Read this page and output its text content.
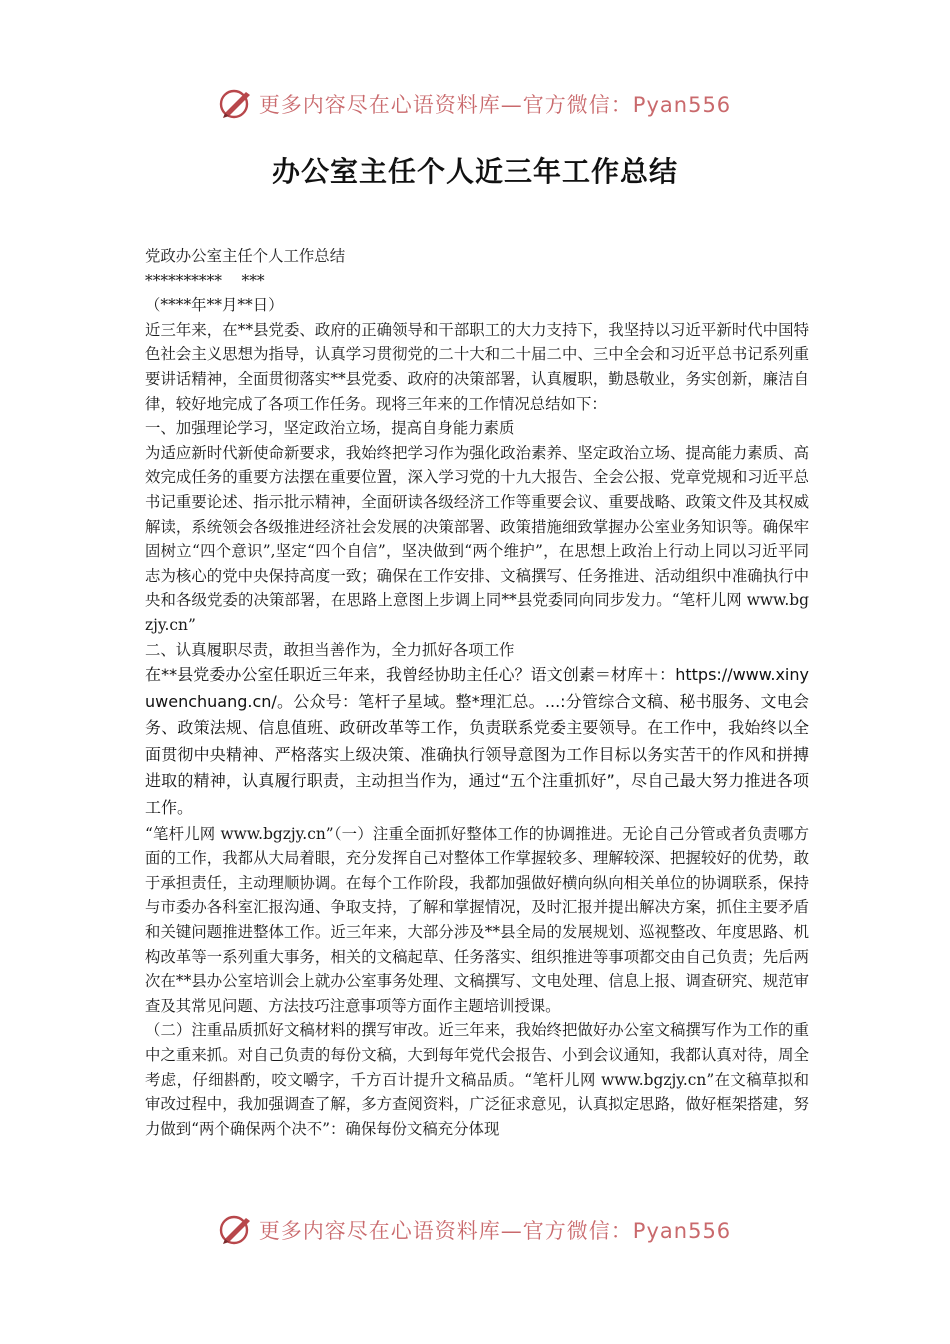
更多内容尽在心语资料库—官方微信：Pyan556
办公室主任个人近三年工作总结

党政办公室主任个人工作总结

**********    ***

（****年**月**日）

近三年来，在**县党委、政府的正确领导和干部职工的大力支持下，我坚持以习近平新时代中国特色社会主义思想为指导，认真学习贯彻党的二十大和二十届二中、三中全会和习近平总书记系列重要讲话精神，全面贯彻落实**县党委、政府的决策部署，认真履职，勤恳敬业，务实创新，廉洁自律，较好地完成了各项工作任务。现将三年来的工作情况总结如下：

一、加强理论学习，坚定政治立场，提高自身能力素质

为适应新时代新使命新要求，我始终把学习作为强化政治素养、坚定政治立场、提高能力素质、高效完成任务的重要方法摆在重要位置，深入学习党的十九大报告、全会公报、党章党规和习近平总书记重要论述、指示批示精神，全面研读各级经济工作等重要会议、重要战略、政策文件及其权威解读，系统领会各级推进经济社会发展的决策部署、政策措施细致掌握办公室业务知识等。确保牢固树立“四个意识”,坚定“四个自信”，坚决做到“两个维护”，在思想上政治上行动上同以习近平同志为核心的党中央保持高度一致；确保在工作安排、文稿撰写、任务推进、活动组织中准确执行中央和各级党委的决策部署，在思路上意图上步调上同**县党委同向同步发力。“笔杆儿网 www.bgzjy.cn”

二、认真履职尽责，敢担当善作为，全力抓好各项工作

在**县党委办公室任职近三年来，我曾经协助主任心？语文创素＝材库＋：https://www.xinyuwenchuang.cn/。公众号：笔杆子星域。整*理汇总。...:分管综合文稿、秘书服务、文电会务、政策法规、信息值班、政研改革等工作，负责联系党委主要领导。在工作中，我始终以全面贯彻中央精神、严格落实上级决策、准确执行领导意图为工作目标以务实苦干的作风和拼搏进取的精神，认真履行职责，主动担当作为，通过“五个注重抓好”，尽自己最大努力推进各项工作。

“笔杆儿网 www.bgzjy.cn”（一）注重全面抓好整体工作的协调推进。无论自己分管或者负责哪方面的工作，我都从大局着眼，充分发挥自己对整体工作掌握较多、理解较深、把握较好的优势，敢于承担责任，主动理顺协调。在每个工作阶段，我都加强做好横向纵向相关单位的协调联系，保持与市委办各科室汇报沟通、争取支持，了解和掌握情况，及时汇报并提出解决方案，抓住主要矛盾和关键问题推进整体工作。近三年来，大部分涉及**县全局的发展规划、巡视整改、年度思路、机构改革等一系列重大事务，相关的文稿起草、任务落实、组织推进等事项都交由自己负责；先后两次在**县办公室培训会上就办公室事务处理、文稿撰写、文电处理、信息上报、调查研究、规范审查及其常见问题、方法技巧注意事项等方面作主题培训授课。

（二）注重品质抓好文稿材料的撰写审改。近三年来，我始终把做好办公室文稿撰写作为工作的重中之重来抓。对自己负责的每份文稿，大到每年党代会报告、小到会议通知，我都认真对待，周全考虑，仔细斟酌，咬文嚼字，千方百计提升文稿品质。“笔杆儿网 www.bgzjy.cn”在文稿草拟和审改过程中，我加强调查了解，多方查阅资料，广泛征求意见，认真拟定思路，做好框架搭建，努力做到“两个确保两个决不”：确保每份文稿充分体现

更多内容尽在心语资料库—官方微信：Pyan556
